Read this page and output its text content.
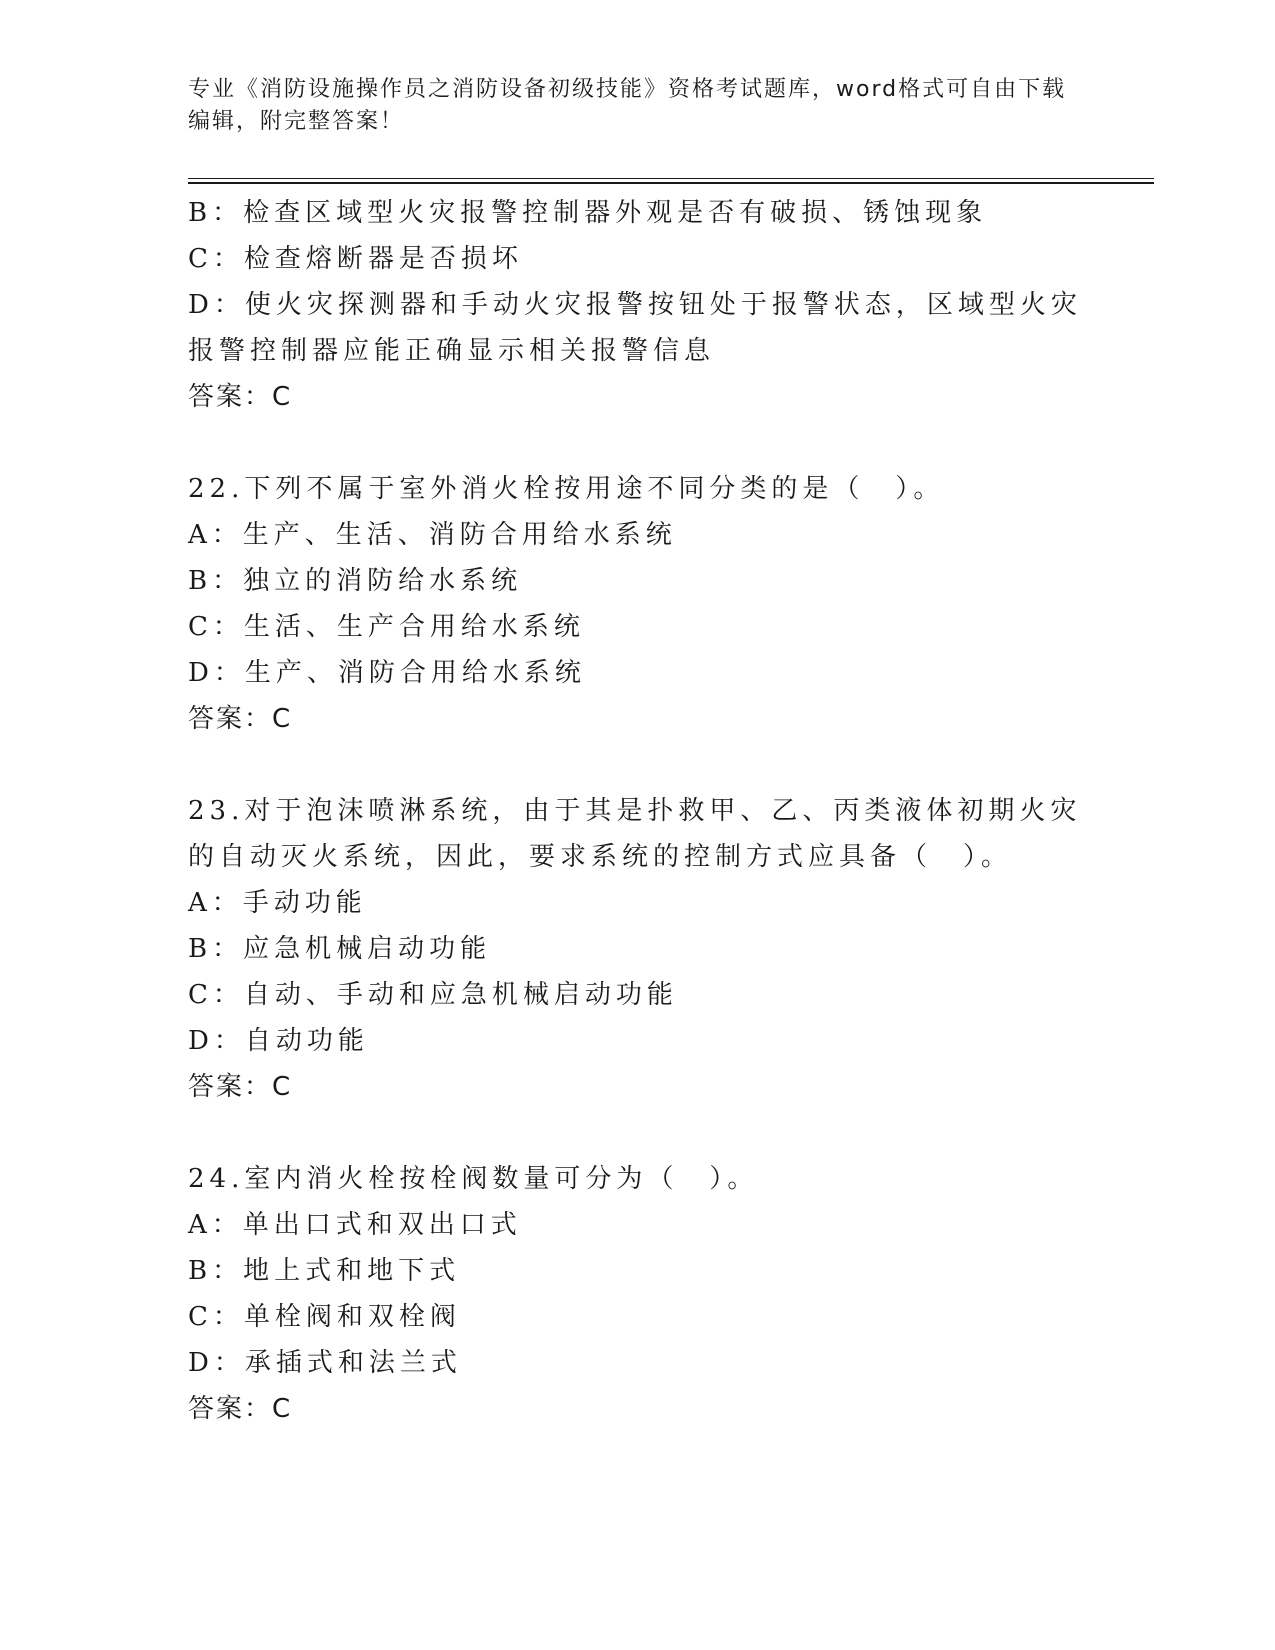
专业《消防设施操作员之消防设备初级技能》资格考试题库，word格式可自由下载编辑，附完整答案！
B：检查区域型火灾报警控制器外观是否有破损、锈蚀现象
C：检查熔断器是否损坏
D：使火灾探测器和手动火灾报警按钮处于报警状态，区域型火灾报警控制器应能正确显示相关报警信息
答案：C
22.下列不属于室外消火栓按用途不同分类的是（　）。
A：生产、生活、消防合用给水系统
B：独立的消防给水系统
C：生活、生产合用给水系统
D：生产、消防合用给水系统
答案：C
23.对于泡沫喷淋系统，由于其是扑救甲、乙、丙类液体初期火灾的自动灭火系统，因此，要求系统的控制方式应具备（　）。
A：手动功能
B：应急机械启动功能
C：自动、手动和应急机械启动功能
D：自动功能
答案：C
24.室内消火栓按栓阀数量可分为（　）。
A：单出口式和双出口式
B：地上式和地下式
C：单栓阀和双栓阀
D：承插式和法兰式
答案：C
